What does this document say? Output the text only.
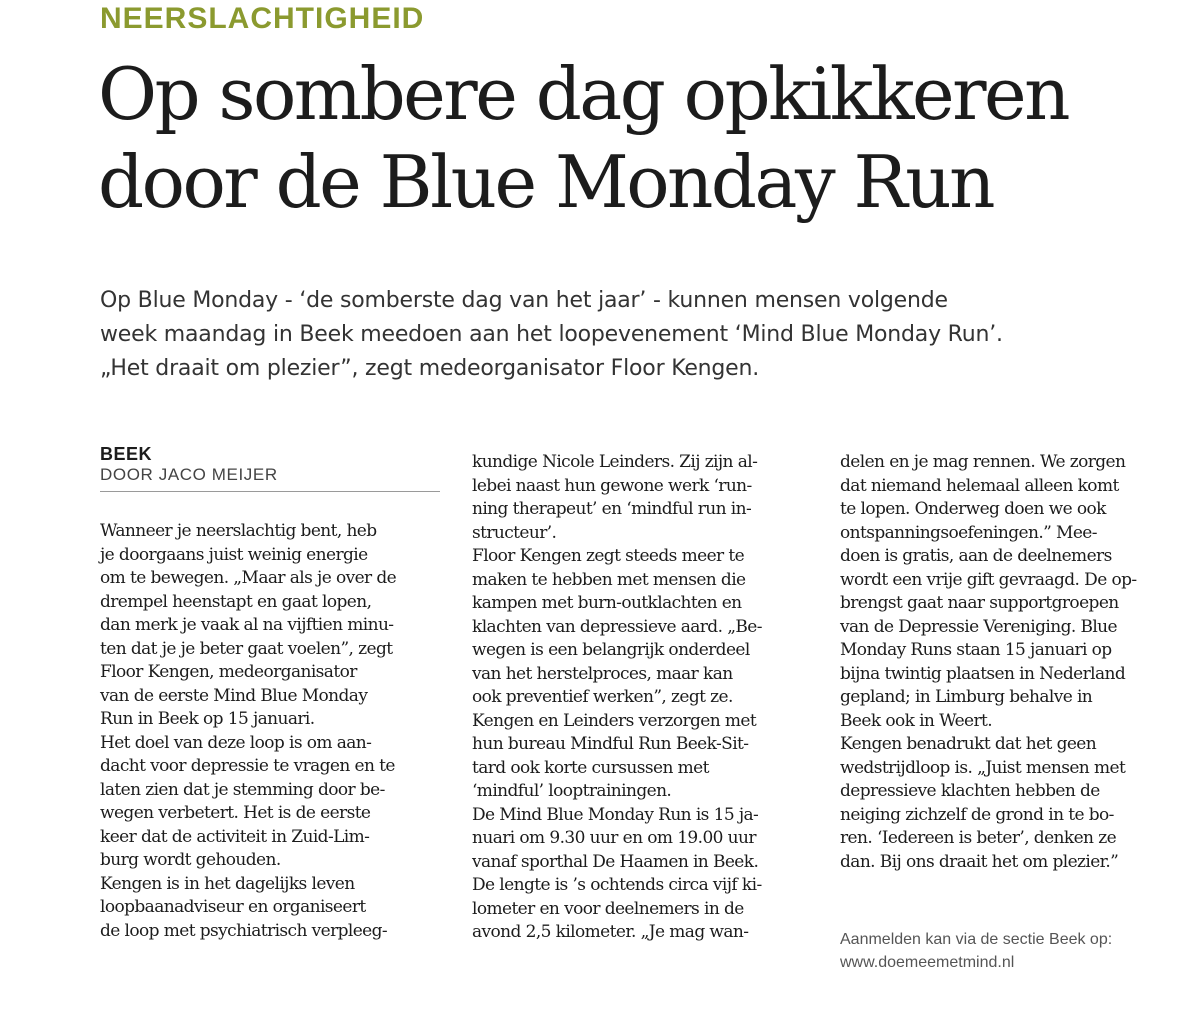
NEERSLACHTIGHEID
Op sombere dag opkikkeren
door de Blue Monday Run
Op Blue Monday - ‘de somberste dag van het jaar’ - kunnen mensen volgende
week maandag in Beek meedoen aan het loopevenement ‘Mind Blue Monday Run’.
„Het draait om plezier”, zegt medeorganisator Floor Kengen.
BEEK
DOOR JACO MEIJER
Wanneer je neerslachtig bent, heb
je doorgaans juist weinig energie
om te bewegen. „Maar als je over de
drempel heenstapt en gaat lopen,
dan merk je vaak al na vijftien minu-
ten dat je je beter gaat voelen”, zegt
Floor Kengen, medeorganisator
van de eerste Mind Blue Monday
Run in Beek op 15 januari.
Het doel van deze loop is om aan-
dacht voor depressie te vragen en te
laten zien dat je stemming door be-
wegen verbetert. Het is de eerste
keer dat de activiteit in Zuid-Lim-
burg wordt gehouden.
Kengen is in het dagelijks leven
loopbaanadviseur en organiseert
de loop met psychiatrisch verpleeg-
kundige Nicole Leinders. Zij zijn al-
lebei naast hun gewone werk ‘run-
ning therapeut’ en ‘mindful run in-
structeur’.
Floor Kengen zegt steeds meer te
maken te hebben met mensen die
kampen met burn-outklachten en
klachten van depressieve aard. „Be-
wegen is een belangrijk onderdeel
van het herstelproces, maar kan
ook preventief werken”, zegt ze.
Kengen en Leinders verzorgen met
hun bureau Mindful Run Beek-Sit-
tard ook korte cursussen met
‘mindful’ looptrainingen.
De Mind Blue Monday Run is 15 ja-
nuari om 9.30 uur en om 19.00 uur
vanaf sporthal De Haamen in Beek.
De lengte is ’s ochtends circa vijf ki-
lometer en voor deelnemers in de
avond 2,5 kilometer. „Je mag wan-
delen en je mag rennen. We zorgen
dat niemand helemaal alleen komt
te lopen. Onderweg doen we ook
ontspanningsoefeningen.” Mee-
doen is gratis, aan de deelnemers
wordt een vrije gift gevraagd. De op-
brengst gaat naar supportgroepen
van de Depressie Vereniging. Blue
Monday Runs staan 15 januari op
bijna twintig plaatsen in Nederland
gepland; in Limburg behalve in
Beek ook in Weert.
Kengen benadrukt dat het geen
wedstrijdloop is. „Juist mensen met
depressieve klachten hebben de
neiging zichzelf de grond in te bo-
ren. ‘Iedereen is beter’, denken ze
dan. Bij ons draait het om plezier.”
Aanmelden kan via de sectie Beek op:
www.doemeemetmind.nl
